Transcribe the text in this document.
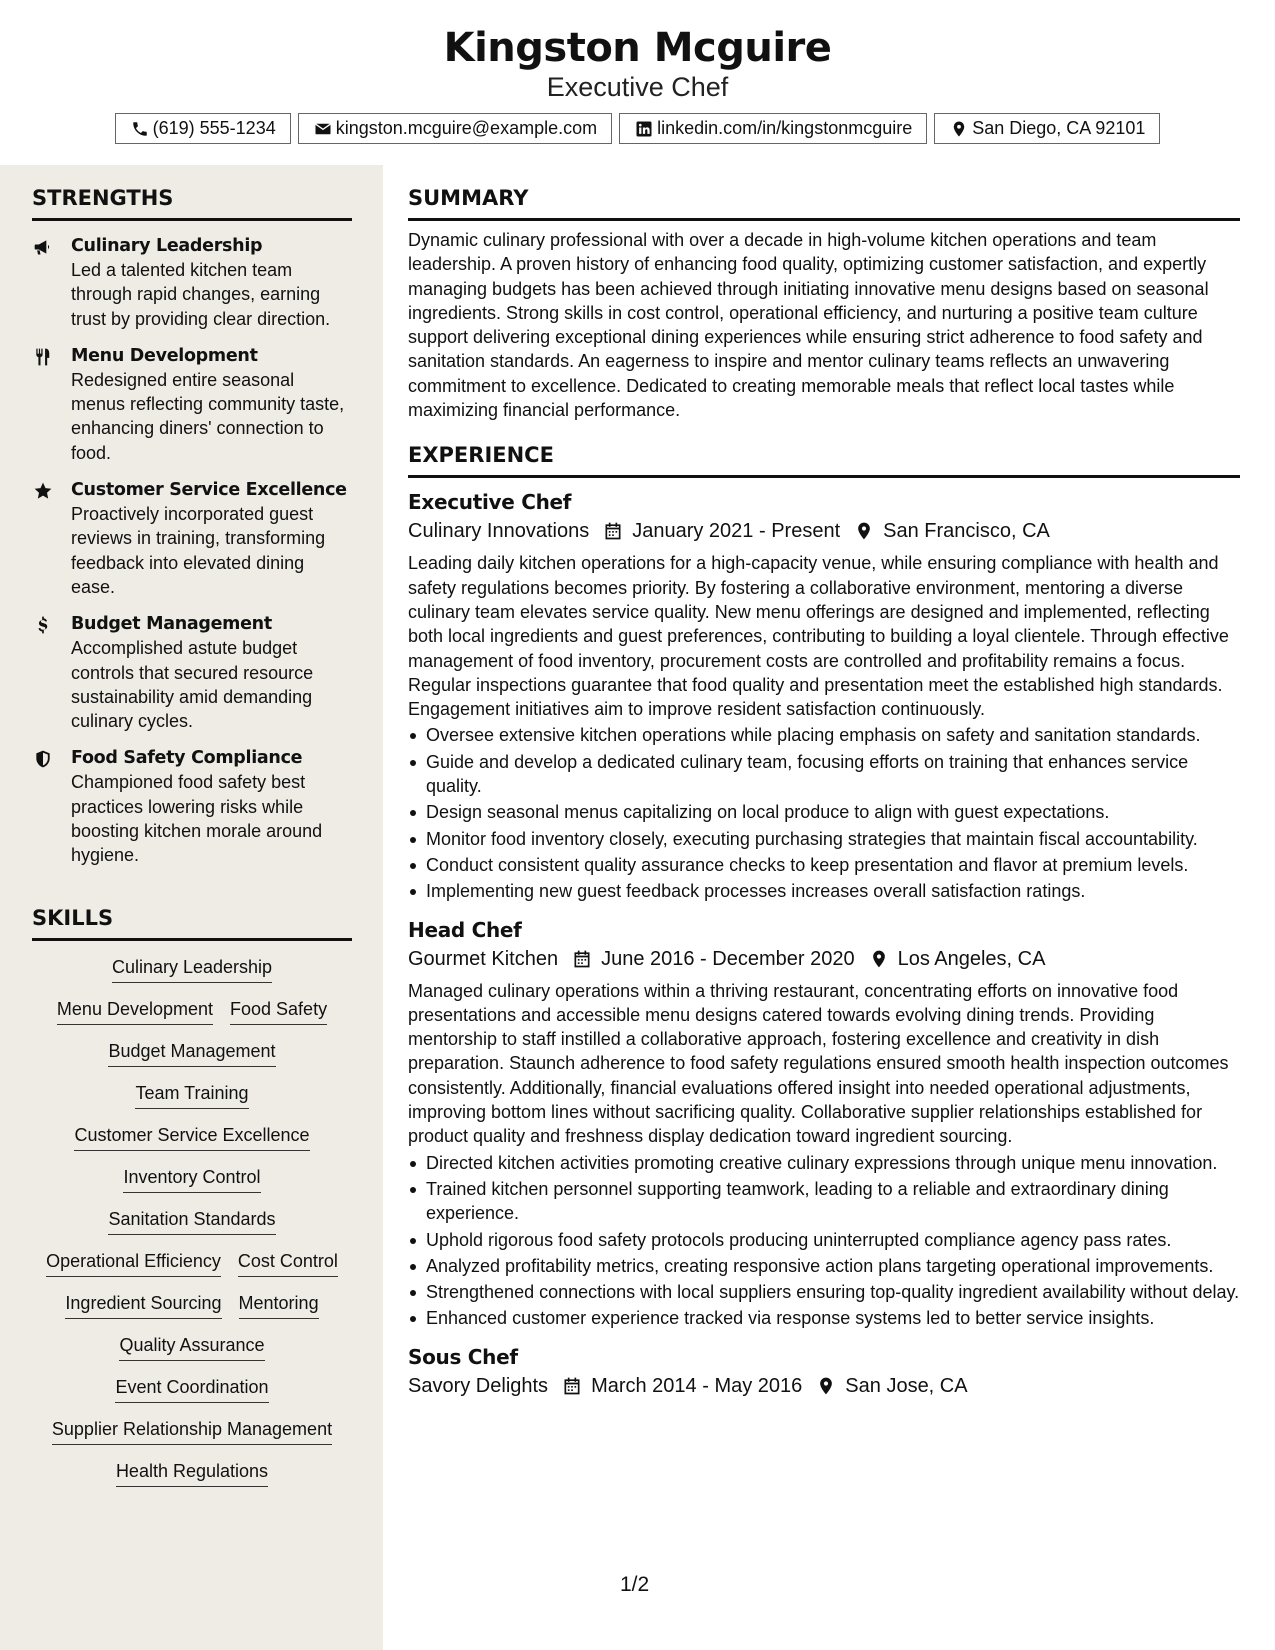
Kingston Mcguire
Executive Chef
(619) 555-1234	kingston.mcguire@example.com	linkedin.com/in/kingstonmcguire	San Diego, CA 92101
STRENGTHS
Culinary Leadership
Led a talented kitchen team through rapid changes, earning trust by providing clear direction.
Menu Development
Redesigned entire seasonal menus reflecting community taste, enhancing diners' connection to food.
Customer Service Excellence
Proactively incorporated guest reviews in training, transforming feedback into elevated dining ease.
Budget Management
Accomplished astute budget controls that secured resource sustainability amid demanding culinary cycles.
Food Safety Compliance
Championed food safety best practices lowering risks while boosting kitchen morale around hygiene.
SKILLS
Culinary Leadership
Menu Development Food Safety
Budget Management
Team Training
Customer Service Excellence
Inventory Control
Sanitation Standards
Operational Efficiency Cost Control
Ingredient Sourcing Mentoring
Quality Assurance
Event Coordination
Supplier Relationship Management
Health Regulations
SUMMARY

Dynamic culinary professional with over a decade in high-volume kitchen operations and team leadership. A proven history of enhancing food quality, optimizing customer satisfaction, and expertly managing budgets has been achieved through initiating innovative menu designs based on seasonal ingredients. Strong skills in cost control, operational efficiency, and nurturing a positive team culture support delivering exceptional dining experiences while ensuring strict adherence to food safety and sanitation standards. An eagerness to inspire and mentor culinary teams reflects an unwavering commitment to excellence. Dedicated to creating memorable meals that reflect local tastes while maximizing financial performance.

EXPERIENCE
Executive Chef
Culinary Innovations January 2021 - Present San Francisco, CA

Leading daily kitchen operations for a high-capacity venue, while ensuring compliance with health and safety regulations becomes priority. By fostering a collaborative environment, mentoring a diverse culinary team elevates service quality. New menu offerings are designed and implemented, reflecting both local ingredients and guest preferences, contributing to building a loyal clientele. Through effective management of food inventory, procurement costs are controlled and profitability remains a focus. Regular inspections guarantee that food quality and presentation meet the established high standards. Engagement initiatives aim to improve resident satisfaction continuously.

Oversee extensive kitchen operations while placing emphasis on safety and sanitation standards.
Guide and develop a dedicated culinary team, focusing efforts on training that enhances service quality.
Design seasonal menus capitalizing on local produce to align with guest expectations.
Monitor food inventory closely, executing purchasing strategies that maintain fiscal accountability.
Conduct consistent quality assurance checks to keep presentation and flavor at premium levels.
Implementing new guest feedback processes increases overall satisfaction ratings.
Head Chef
Gourmet Kitchen June 2016 - December 2020 Los Angeles, CA

Managed culinary operations within a thriving restaurant, concentrating efforts on innovative food presentations and accessible menu designs catered towards evolving dining trends. Providing mentorship to staff instilled a collaborative approach, fostering excellence and creativity in dish preparation. Staunch adherence to food safety regulations ensured smooth health inspection outcomes consistently. Additionally, financial evaluations offered insight into needed operational adjustments, improving bottom lines without sacrificing quality. Collaborative supplier relationships established for product quality and freshness display dedication toward ingredient sourcing.

Directed kitchen activities promoting creative culinary expressions through unique menu innovation.
Trained kitchen personnel supporting teamwork, leading to a reliable and extraordinary dining experience.
Uphold rigorous food safety protocols producing uninterrupted compliance agency pass rates.
Analyzed profitability metrics, creating responsive action plans targeting operational improvements.
Strengthened connections with local suppliers ensuring top-quality ingredient availability without delay.
Enhanced customer experience tracked via response systems led to better service insights.
Sous Chef
Savory Delights March 2014 - May 2016 San Jose, CA
1/2
